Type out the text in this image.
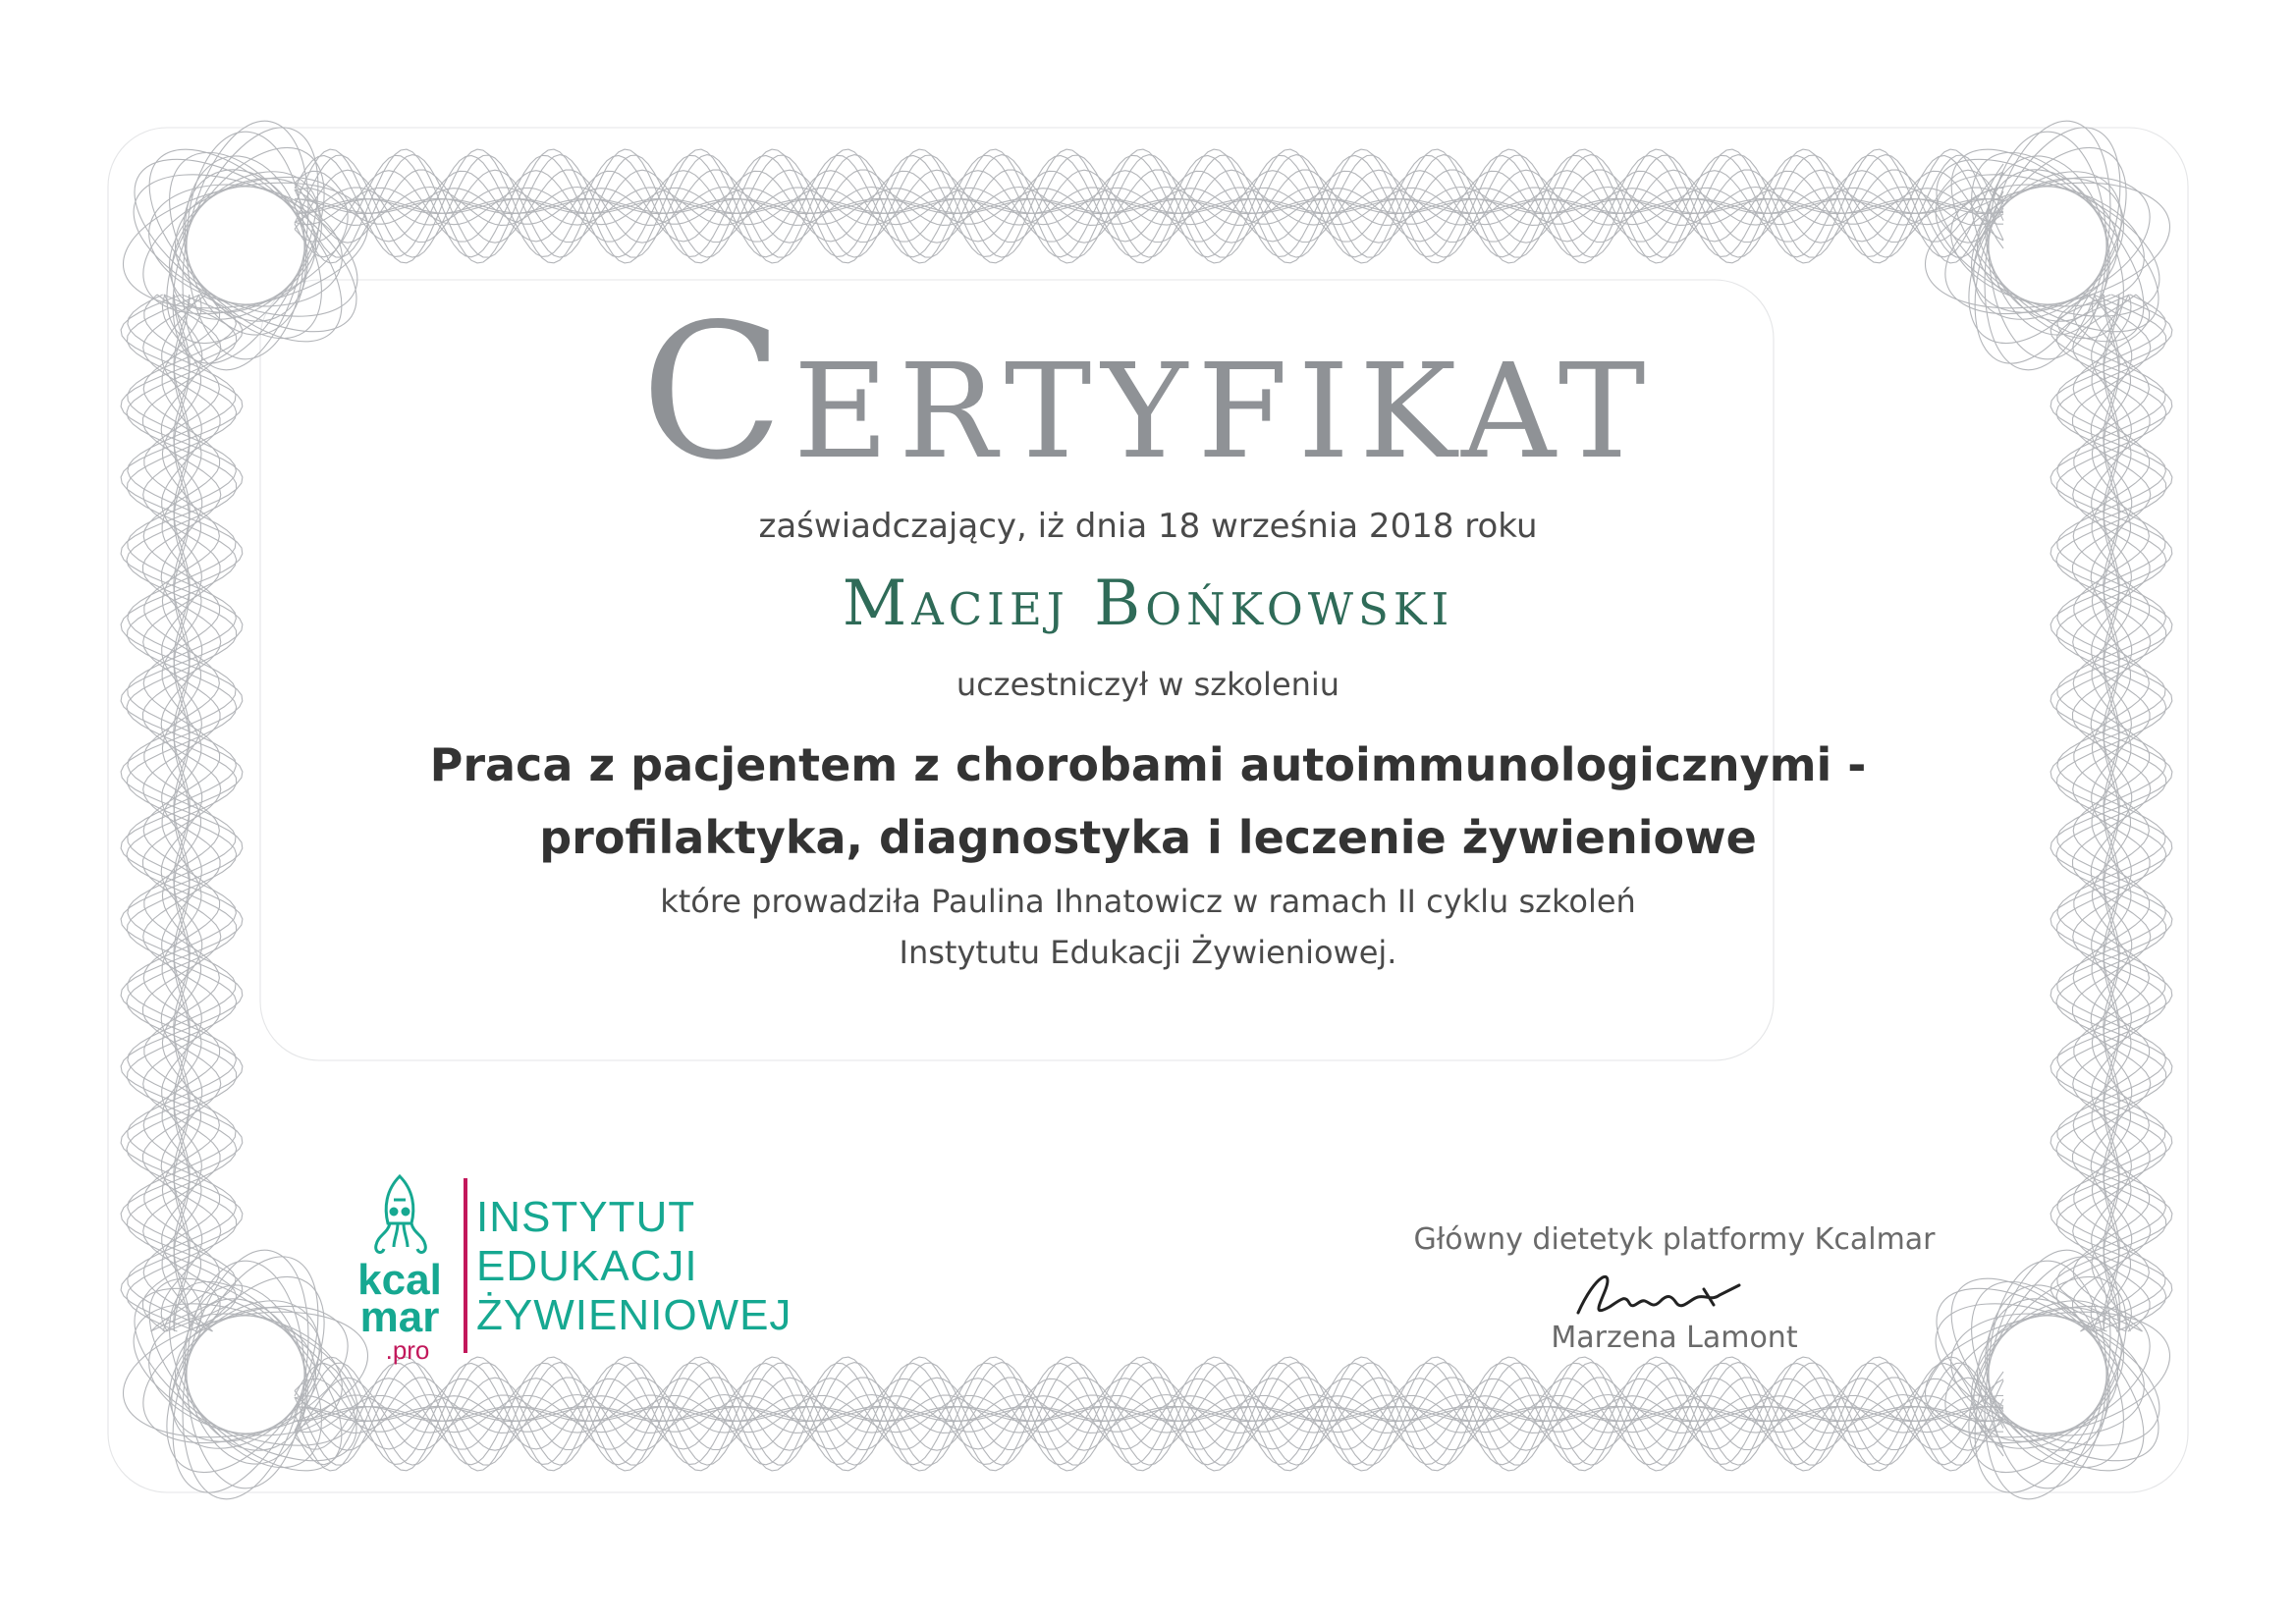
Certyfikat
zaświadczający, iż dnia 18 września 2018 roku
Maciej Bońkowski
uczestniczył w szkoleniu
Praca z pacjentem z chorobami autoimmunologicznymi -
profilaktyka, diagnostyka i leczenie żywieniowe
które prowadziła Paulina Ihnatowicz w ramach II cyklu szkoleń
Instytutu Edukacji Żywieniowej.
kcal
mar
.pro
INSTYTUT
EDUKACJI
ŻYWIENIOWEJ
Główny dietetyk platformy Kcalmar
Marzena Lamont
